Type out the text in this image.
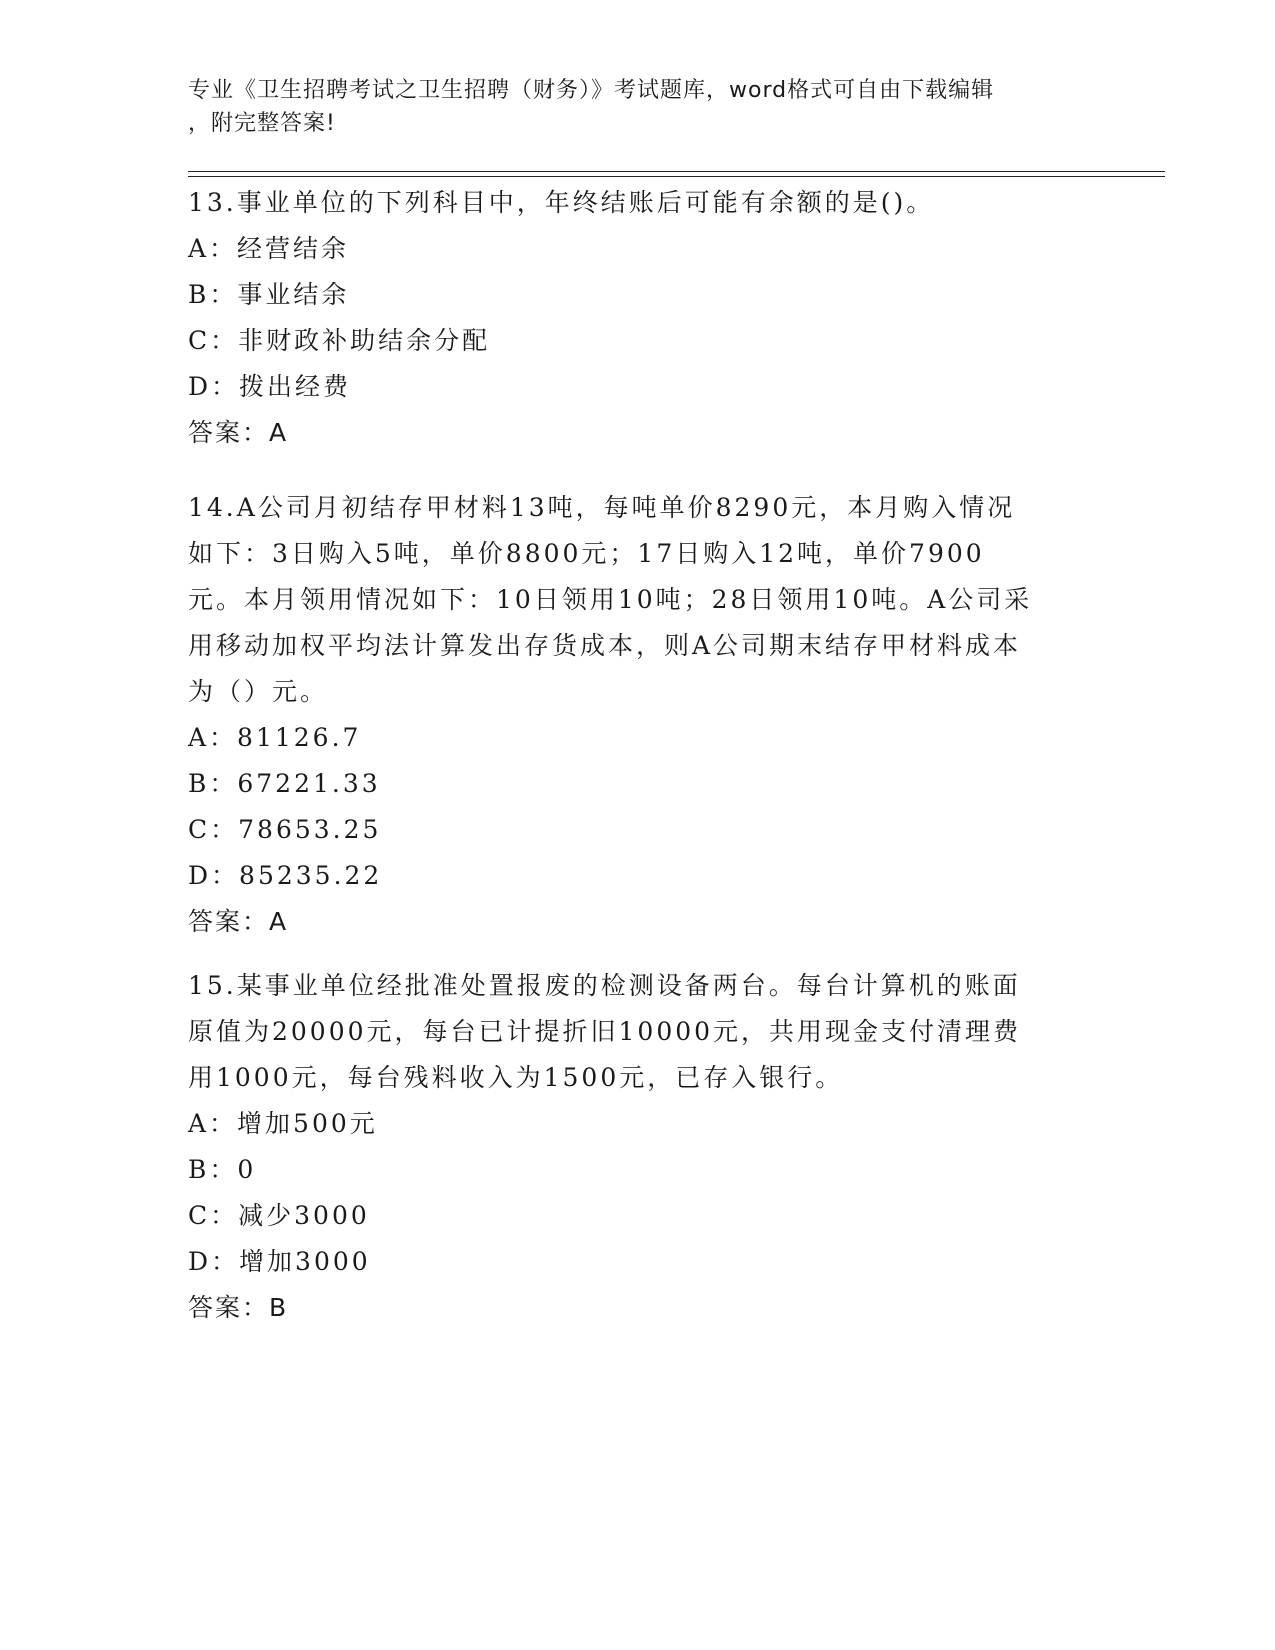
专业《卫生招聘考试之卫生招聘（财务）》考试题库，word格式可自由下载编辑
，附完整答案!

13.事业单位的下列科目中，年终结账后可能有余额的是()。

A：经营结余

B：事业结余

C：非财政补助结余分配

D：拨出经费

答案：A

14.A公司月初结存甲材料13吨，每吨单价8290元，本月购入情况如下：3日购入5吨，单价8800元；17日购入12吨，单价7900元。本月领用情况如下：10日领用10吨；28日领用10吨。A公司采用移动加权平均法计算发出存货成本，则A公司期末结存甲材料成本为（）元。

A：81126.7

B：67221.33

C：78653.25

D：85235.22

答案：A

15.某事业单位经批准处置报废的检测设备两台。每台计算机的账面原值为20000元，每台已计提折旧10000元，共用现金支付清理费用1000元，每台残料收入为1500元，已存入银行。

A：增加500元

B：0

C：减少3000

D：增加3000

答案：B
